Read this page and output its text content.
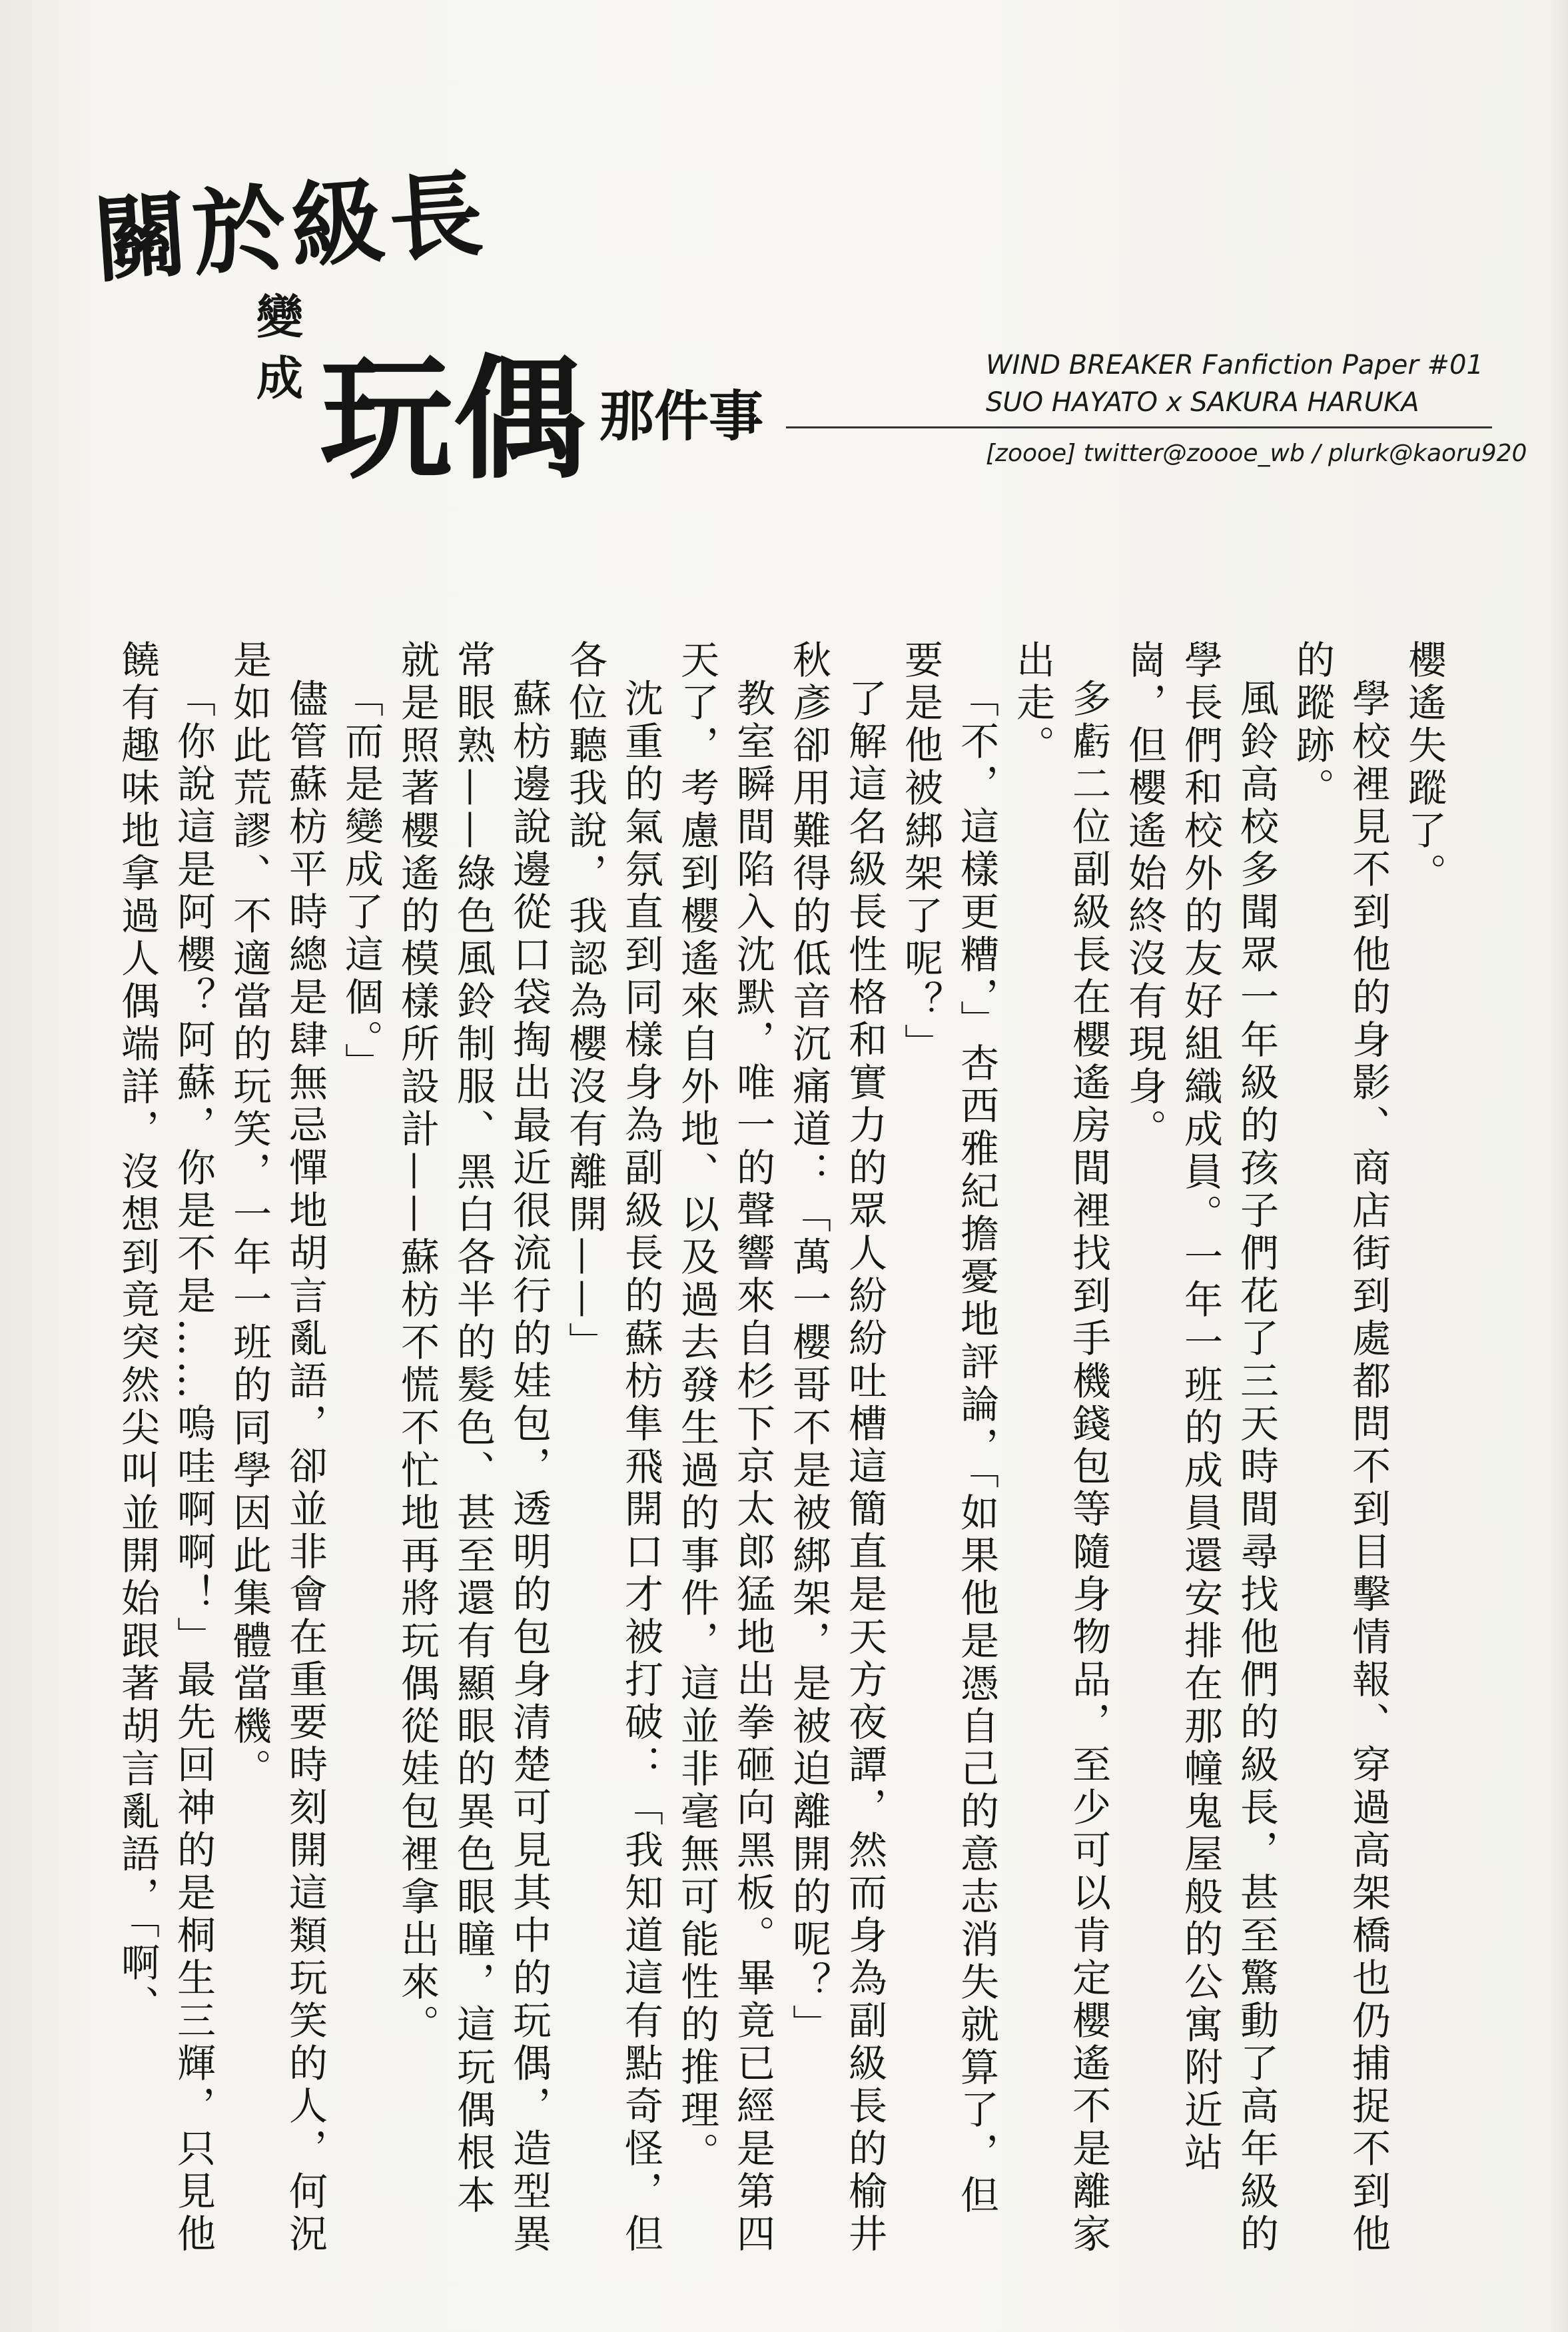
關於級長
變成 玩偶 那件事
WIND BREAKER Fanfiction Paper #01
SUO HAYATO x SAKURA HARUKA
[zoooe] twitter@zoooe_wb / plurk@kaoru920

櫻遙失蹤了。

學校裡見不到他的身影、商店街到處都問不到目擊情報、穿過高架橋也仍捕捉不到他的蹤跡。

風鈴高校多聞眾一年級的孩子們花了三天時間尋找他們的級長，甚至驚動了高年級的學長們和校外的友好組織成員。一年一班的成員還安排在那幢鬼屋般的公寓附近站崗，但櫻遙始終沒有現身。

多虧二位副級長在櫻遙房間裡找到手機錢包等隨身物品，至少可以肯定櫻遙不是離家出走。

「不，這樣更糟，」杏西雅紀擔憂地評論，「如果他是憑自己的意志消失就算了，但要是他被綁架了呢？」

了解這名級長性格和實力的眾人紛紛吐槽這簡直是天方夜譚，然而身為副級長的榆井秋彥卻用難得的低音沉痛道：「萬一櫻哥不是被綁架，是被迫離開的呢？」

教室瞬間陷入沈默，唯一的聲響來自杉下京太郎猛地出拳砸向黑板。畢竟已經是第四天了，考慮到櫻遙來自外地、以及過去發生過的事件，這並非毫無可能性的推理。

沈重的氣氛直到同樣身為副級長的蘇枋隼飛開口才被打破：「我知道這有點奇怪，但各位聽我說，我認為櫻沒有離開——」

蘇枋邊說邊從口袋掏出最近很流行的娃包，透明的包身清楚可見其中的玩偶，造型異常眼熟——綠色風鈴制服、黑白各半的髮色、甚至還有顯眼的異色眼瞳，這玩偶根本就是照著櫻遙的模樣所設計——蘇枋不慌不忙地再將玩偶從娃包裡拿出來。

「而是變成了這個。」

儘管蘇枋平時總是肆無忌憚地胡言亂語，卻並非會在重要時刻開這類玩笑的人，何況是如此荒謬、不適當的玩笑，一年一班的同學因此集體當機。

「你說這是阿櫻？阿蘇，你是不是……嗚哇啊啊！」最先回神的是桐生三輝，只見他饒有趣味地拿過人偶端詳，沒想到竟突然尖叫並開始跟著胡言亂語，「啊、
